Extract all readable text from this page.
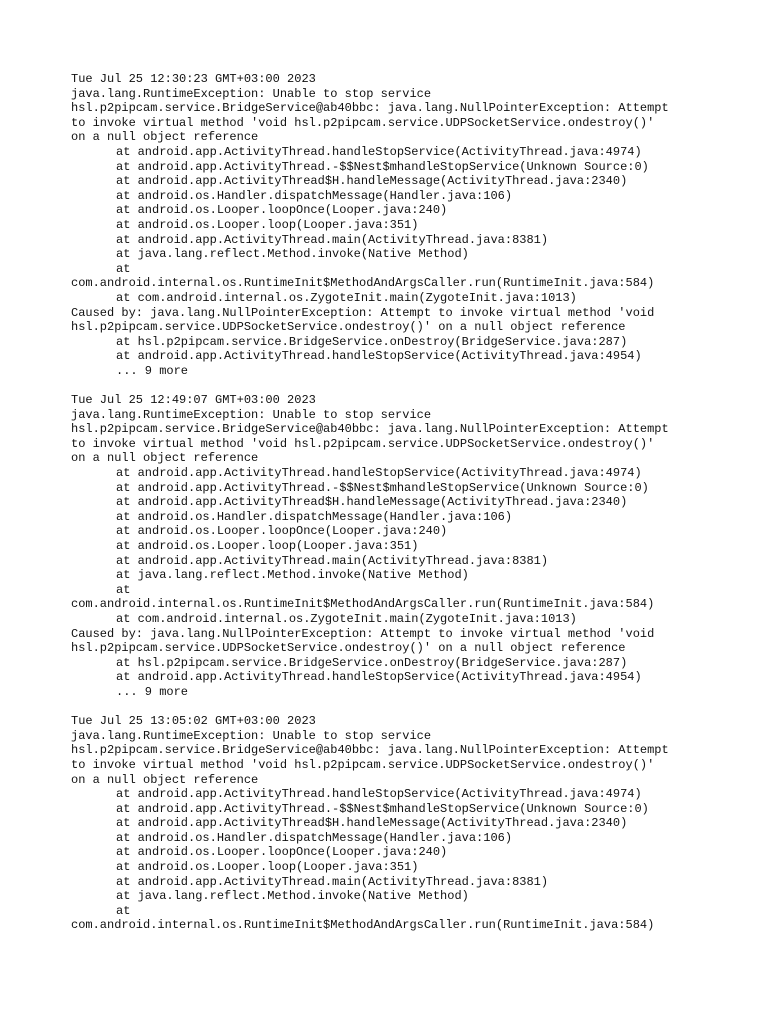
Tue Jul 25 12:30:23 GMT+03:00 2023
java.lang.RuntimeException: Unable to stop service
hsl.p2pipcam.service.BridgeService@ab40bbc: java.lang.NullPointerException: Attempt
to invoke virtual method 'void hsl.p2pipcam.service.UDPSocketService.ondestroy()'
on a null object reference
at android.app.ActivityThread.handleStopService(ActivityThread.java:4974)
at android.app.ActivityThread.-$$Nest$mhandleStopService(Unknown Source:0)
at android.app.ActivityThread$H.handleMessage(ActivityThread.java:2340)
at android.os.Handler.dispatchMessage(Handler.java:106)
at android.os.Looper.loopOnce(Looper.java:240)
at android.os.Looper.loop(Looper.java:351)
at android.app.ActivityThread.main(ActivityThread.java:8381)
at java.lang.reflect.Method.invoke(Native Method)
at
com.android.internal.os.RuntimeInit$MethodAndArgsCaller.run(RuntimeInit.java:584)
at com.android.internal.os.ZygoteInit.main(ZygoteInit.java:1013)
Caused by: java.lang.NullPointerException: Attempt to invoke virtual method 'void
hsl.p2pipcam.service.UDPSocketService.ondestroy()' on a null object reference
at hsl.p2pipcam.service.BridgeService.onDestroy(BridgeService.java:287)
at android.app.ActivityThread.handleStopService(ActivityThread.java:4954)
... 9 more
Tue Jul 25 12:49:07 GMT+03:00 2023
java.lang.RuntimeException: Unable to stop service
hsl.p2pipcam.service.BridgeService@ab40bbc: java.lang.NullPointerException: Attempt
to invoke virtual method 'void hsl.p2pipcam.service.UDPSocketService.ondestroy()'
on a null object reference
at android.app.ActivityThread.handleStopService(ActivityThread.java:4974)
at android.app.ActivityThread.-$$Nest$mhandleStopService(Unknown Source:0)
at android.app.ActivityThread$H.handleMessage(ActivityThread.java:2340)
at android.os.Handler.dispatchMessage(Handler.java:106)
at android.os.Looper.loopOnce(Looper.java:240)
at android.os.Looper.loop(Looper.java:351)
at android.app.ActivityThread.main(ActivityThread.java:8381)
at java.lang.reflect.Method.invoke(Native Method)
at
com.android.internal.os.RuntimeInit$MethodAndArgsCaller.run(RuntimeInit.java:584)
at com.android.internal.os.ZygoteInit.main(ZygoteInit.java:1013)
Caused by: java.lang.NullPointerException: Attempt to invoke virtual method 'void
hsl.p2pipcam.service.UDPSocketService.ondestroy()' on a null object reference
at hsl.p2pipcam.service.BridgeService.onDestroy(BridgeService.java:287)
at android.app.ActivityThread.handleStopService(ActivityThread.java:4954)
... 9 more
Tue Jul 25 13:05:02 GMT+03:00 2023
java.lang.RuntimeException: Unable to stop service
hsl.p2pipcam.service.BridgeService@ab40bbc: java.lang.NullPointerException: Attempt
to invoke virtual method 'void hsl.p2pipcam.service.UDPSocketService.ondestroy()'
on a null object reference
at android.app.ActivityThread.handleStopService(ActivityThread.java:4974)
at android.app.ActivityThread.-$$Nest$mhandleStopService(Unknown Source:0)
at android.app.ActivityThread$H.handleMessage(ActivityThread.java:2340)
at android.os.Handler.dispatchMessage(Handler.java:106)
at android.os.Looper.loopOnce(Looper.java:240)
at android.os.Looper.loop(Looper.java:351)
at android.app.ActivityThread.main(ActivityThread.java:8381)
at java.lang.reflect.Method.invoke(Native Method)
at
com.android.internal.os.RuntimeInit$MethodAndArgsCaller.run(RuntimeInit.java:584)
